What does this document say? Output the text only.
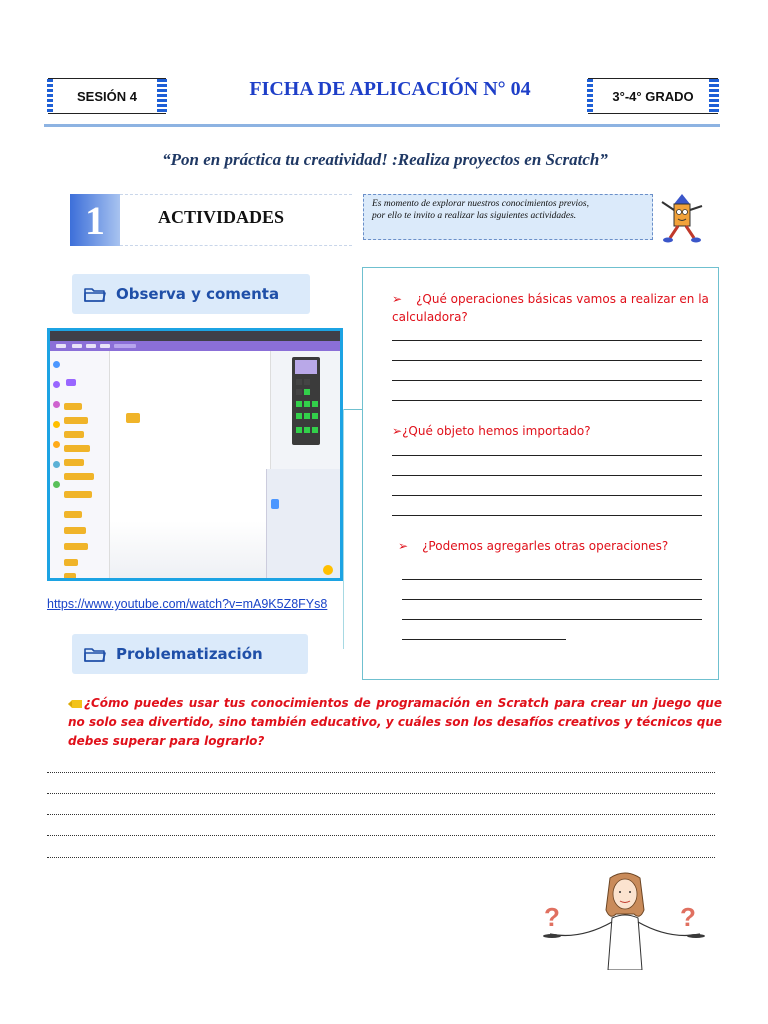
SESIÓN 4	FICHA DE APLICACIÓN N° 04	3°-4° GRADO
“Pon en práctica tu creatividad! :Realiza proyectos en Scratch”
1	ACTIVIDADES
Es momento de explorar nuestros conocimientos previos,
por ello te invito a realizar las siguientes actividades.
Observa y comenta
https://www.youtube.com/watch?v=mA9K5Z8FYs8
➢ ¿Qué operaciones básicas vamos a realizar en la calculadora?
➢¿Qué objeto hemos importado?
➢ ¿Podemos agregarles otras operaciones?
Problematización
¿Cómo puedes usar tus conocimientos de programación en Scratch para crear un juego que no solo sea divertido, sino también educativo, y cuáles son los desafíos creativos y técnicos que debes superar para lograrlo?
?	?
